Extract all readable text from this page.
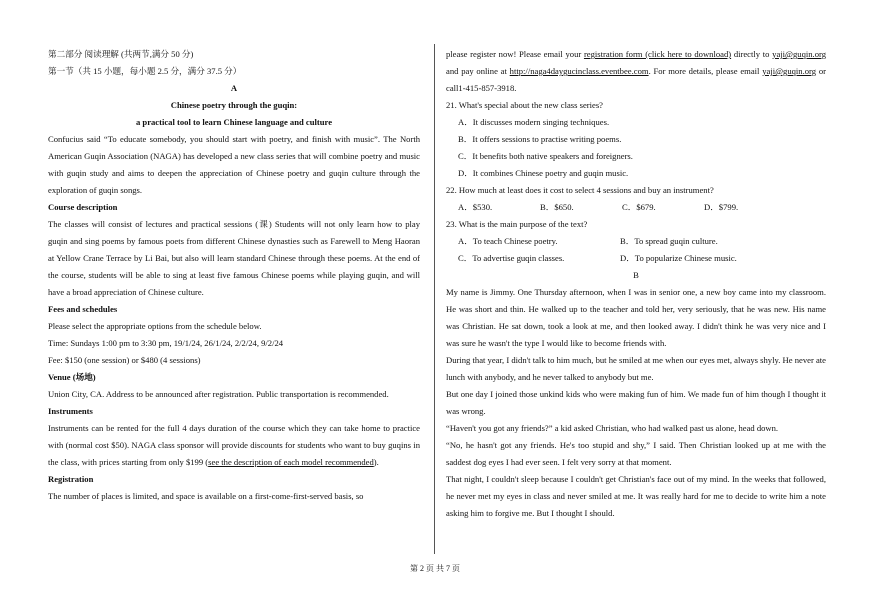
第二部分 阅读理解 (共两节,满分 50 分)

第一节（共 15 小题，每小题 2.5 分，满分 37.5 分）

A

Chinese poetry through the guqin:

a practical tool to learn Chinese language and culture

Confucius said “To educate somebody, you should start with poetry, and finish with music”. The North American Guqin Association (NAGA) has developed a new class series that will combine poetry and music with guqin study and aims to deepen the appreciation of Chinese poetry and guqin culture through the exploration of guqin songs.

Course description

The classes will consist of lectures and practical sessions (课) Students will not only learn how to play guqin and sing poems by famous poets from different Chinese dynasties such as Farewell to Meng Haoran at Yellow Crane Terrace by Li Bai, but also will learn standard Chinese through these poems. At the end of the course, students will be able to sing at least five famous Chinese poems while playing guqin, and will have a broad appreciation of Chinese culture.

Fees and schedules

Please select the appropriate options from the schedule below.

Time: Sundays 1:00 pm to 3:30 pm, 19/1/24, 26/1/24, 2/2/24, 9/2/24

Fee: $150 (one session) or $480 (4 sessions)

Venue (场地)

Union City, CA. Address to be announced after registration. Public transportation is recommended.

Instruments

Instruments can be rented for the full 4 days duration of the course which they can take home to practice with (normal cost $50). NAGA class sponsor will provide discounts for students who want to buy guqins in the class, with prices starting from only $199 (see the description of each model recommended).

Registration

The number of places is limited, and space is available on a first-come-first-served basis, so

please register now! Please email your registration form (click here to download) directly to yaji@guqin.org and pay online at http://naga4daygucinclass.eventbee.com. For more details, please email yaji@guqin.org or call1-415-857-3918.

21. What's special about the new class series?

A．It discusses modern singing techniques.

B．It offers sessions to practise writing poems.

C．It benefits both native speakers and foreigners.

D．It combines Chinese poetry and guqin music.

22. How much at least does it cost to select 4 sessions and buy an instrument?

A．$530.	B．$650.	C．$679.	D．$799.

23. What is the main purpose of the text?

A．To teach Chinese poetry.	B．To spread guqin culture.
C．To advertise guqin classes.	D．To popularize Chinese music.

B

My name is Jimmy. One Thursday afternoon, when I was in senior one, a new boy came into my classroom. He was short and thin. He walked up to the teacher and told her, very seriously, that he was new. His name was Christian. He sat down, took a look at me, and then looked away. I didn't think he was very nice and I was sure he wasn't the type I would like to become friends with.

During that year, I didn't talk to him much, but he smiled at me when our eyes met, always shyly. He never ate lunch with anybody, and he never talked to anybody but me.

But one day I joined those unkind kids who were making fun of him. We made fun of him though I thought it was wrong.

“Haven't you got any friends?” a kid asked Christian, who had walked past us alone, head down.

“No, he hasn't got any friends. He's too stupid and shy,” I said. Then Christian looked up at me with the saddest dog eyes I had ever seen. I felt very sorry at that moment.

That night, I couldn't sleep because I couldn't get Christian's face out of my mind. In the weeks that followed, he never met my eyes in class and never smiled at me. It was really hard for me to decide to write him a note asking him to forgive me. But I thought I should.

第 2 页 共 7 页
